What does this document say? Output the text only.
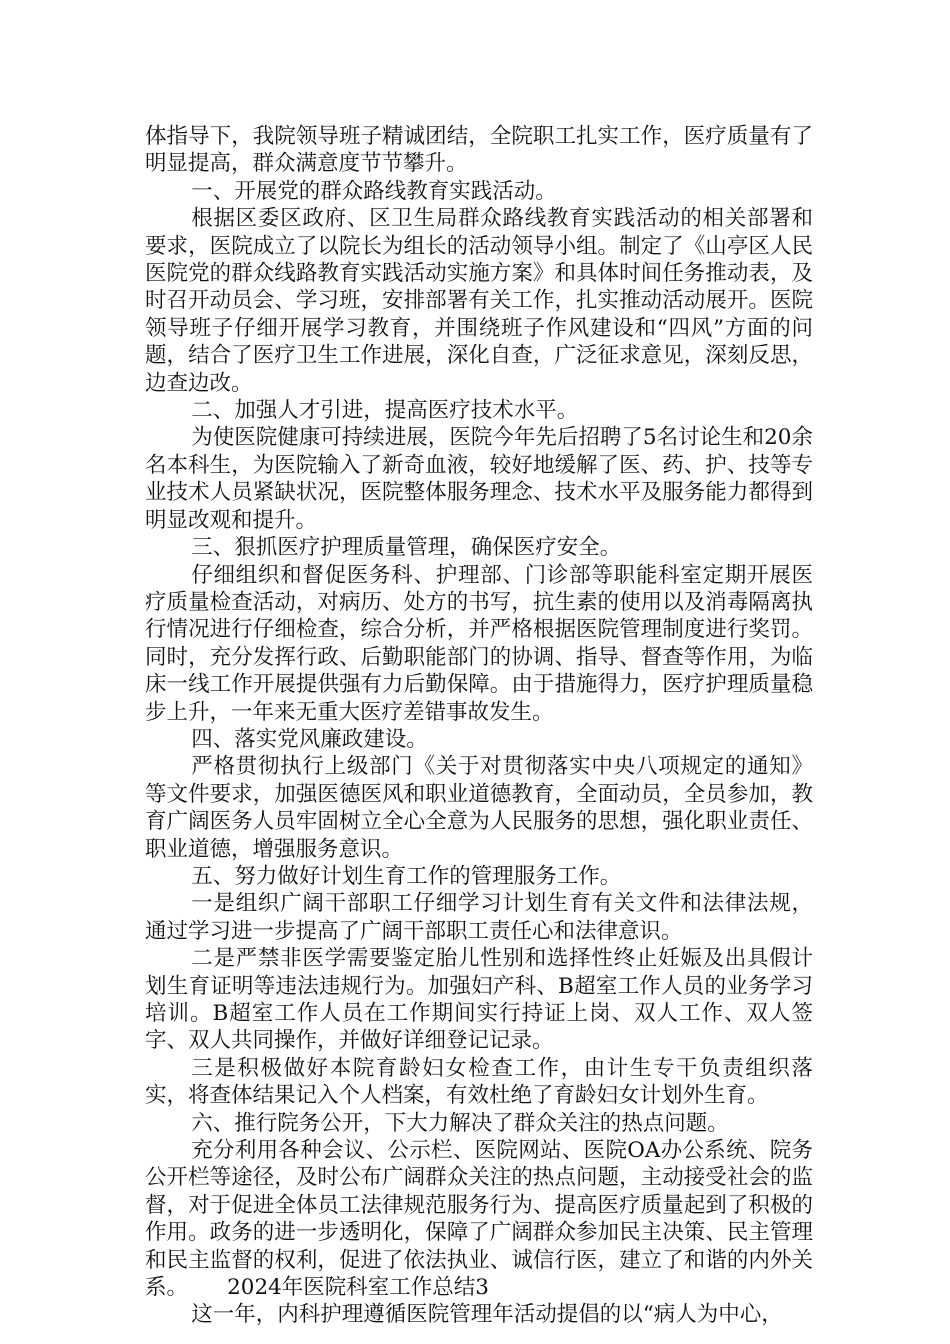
体指导下，我院领导班子精诚团结，全院职工扎实工作，医疗质量有了明显提高，群众满意度节节攀升。

一、开展党的群众路线教育实践活动。

根据区委区政府、区卫生局群众路线教育实践活动的相关部署和要求，医院成立了以院长为组长的活动领导小组。制定了《山亭区人民医院党的群众线路教育实践活动实施方案》和具体时间任务推动表，及时召开动员会、学习班，安排部署有关工作，扎实推动活动展开。医院领导班子仔细开展学习教育，并围绕班子作风建设和“四风”方面的问题，结合了医疗卫生工作进展，深化自查，广泛征求意见，深刻反思，边查边改。

二、加强人才引进，提高医疗技术水平。

为使医院健康可持续进展，医院今年先后招聘了5名讨论生和20余名本科生，为医院输入了新奇血液，较好地缓解了医、药、护、技等专业技术人员紧缺状况，医院整体服务理念、技术水平及服务能力都得到明显改观和提升。

三、狠抓医疗护理质量管理，确保医疗安全。

仔细组织和督促医务科、护理部、门诊部等职能科室定期开展医疗质量检查活动，对病历、处方的书写，抗生素的使用以及消毒隔离执行情况进行仔细检查，综合分析，并严格根据医院管理制度进行奖罚。同时，充分发挥行政、后勤职能部门的协调、指导、督查等作用，为临床一线工作开展提供强有力后勤保障。由于措施得力，医疗护理质量稳步上升，一年来无重大医疗差错事故发生。

四、落实党风廉政建设。

严格贯彻执行上级部门《关于对贯彻落实中央八项规定的通知》等文件要求，加强医德医风和职业道德教育，全面动员，全员参加，教育广阔医务人员牢固树立全心全意为人民服务的思想，强化职业责任、职业道德，增强服务意识。

五、努力做好计划生育工作的管理服务工作。

一是组织广阔干部职工仔细学习计划生育有关文件和法律法规，通过学习进一步提高了广阔干部职工责任心和法律意识。

二是严禁非医学需要鉴定胎儿性别和选择性终止妊娠及出具假计划生育证明等违法违规行为。加强妇产科、B超室工作人员的业务学习培训。B超室工作人员在工作期间实行持证上岗、双人工作、双人签字、双人共同操作，并做好详细登记记录。

三是积极做好本院育龄妇女检查工作，由计生专干负责组织落实，将查体结果记入个人档案，有效杜绝了育龄妇女计划外生育。

六、推行院务公开，下大力解决了群众关注的热点问题。

充分利用各种会议、公示栏、医院网站、医院OA办公系统、院务公开栏等途径，及时公布广阔群众关注的热点问题，主动接受社会的监督，对于促进全体员工法律规范服务行为、提高医疗质量起到了积极的作用。政务的进一步透明化，保障了广阔群众参加民主决策、民主管理和民主监督的权利，促进了依法执业、诚信行医，建立了和谐的内外关系。　　 2024年医院科室工作总结3

这一年，内科护理遵循医院管理年活动提倡的以“病人为中心，
